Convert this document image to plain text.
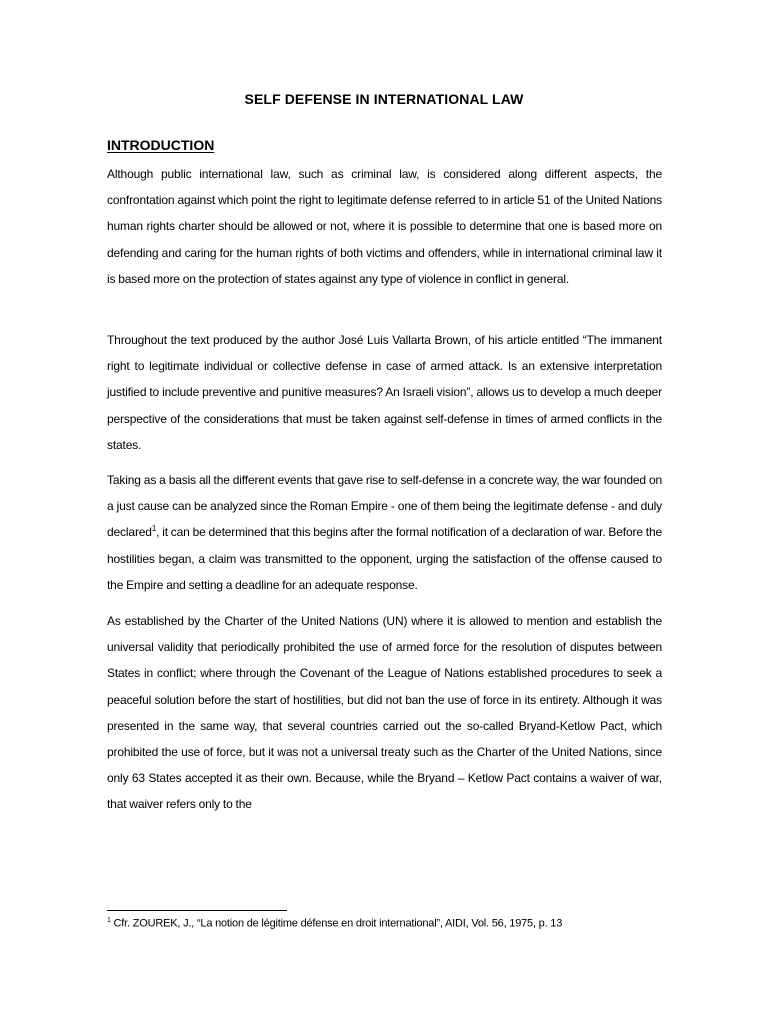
SELF DEFENSE IN INTERNATIONAL LAW
INTRODUCTION

Although public international law, such as criminal law, is considered along different aspects, the confrontation against which point the right to legitimate defense referred to in article 51 of the United Nations human rights charter should be allowed or not, where it is possible to determine that one is based more on defending and caring for the human rights of both victims and offenders, while in international criminal law it is based more on the protection of states against any type of violence in conflict in general.

Throughout the text produced by the author José Luis Vallarta Brown, of his article entitled “The immanent right to legitimate individual or collective defense in case of armed attack. Is an extensive interpretation justified to include preventive and punitive measures? An Israeli vision”, allows us to develop a much deeper perspective of the considerations that must be taken against self-defense in times of armed conflicts in the states.

Taking as a basis all the different events that gave rise to self-defense in a concrete way, the war founded on a just cause can be analyzed since the Roman Empire - one of them being the legitimate defense - and duly declared$^1$, it can be determined that this begins after the formal notification of a declaration of war. Before the hostilities began, a claim was transmitted to the opponent, urging the satisfaction of the offense caused to the Empire and setting a deadline for an adequate response.

As established by the Charter of the United Nations (UN) where it is allowed to mention and establish the universal validity that periodically prohibited the use of armed force for the resolution of disputes between States in conflict; where through the Covenant of the League of Nations established procedures to seek a peaceful solution before the start of hostilities, but did not ban the use of force in its entirety. Although it was presented in the same way, that several countries carried out the so-called Bryand-Ketlow Pact, which prohibited the use of force, but it was not a universal treaty such as the Charter of the United Nations, since only 63 States accepted it as their own. Because, while the Bryand – Ketlow Pact contains a waiver of war, that waiver refers only to the

$^1$ Cfr. ZOUREK, J., “La notion de légitime défense en droit international”, AIDI, Vol. 56, 1975, p. 13
